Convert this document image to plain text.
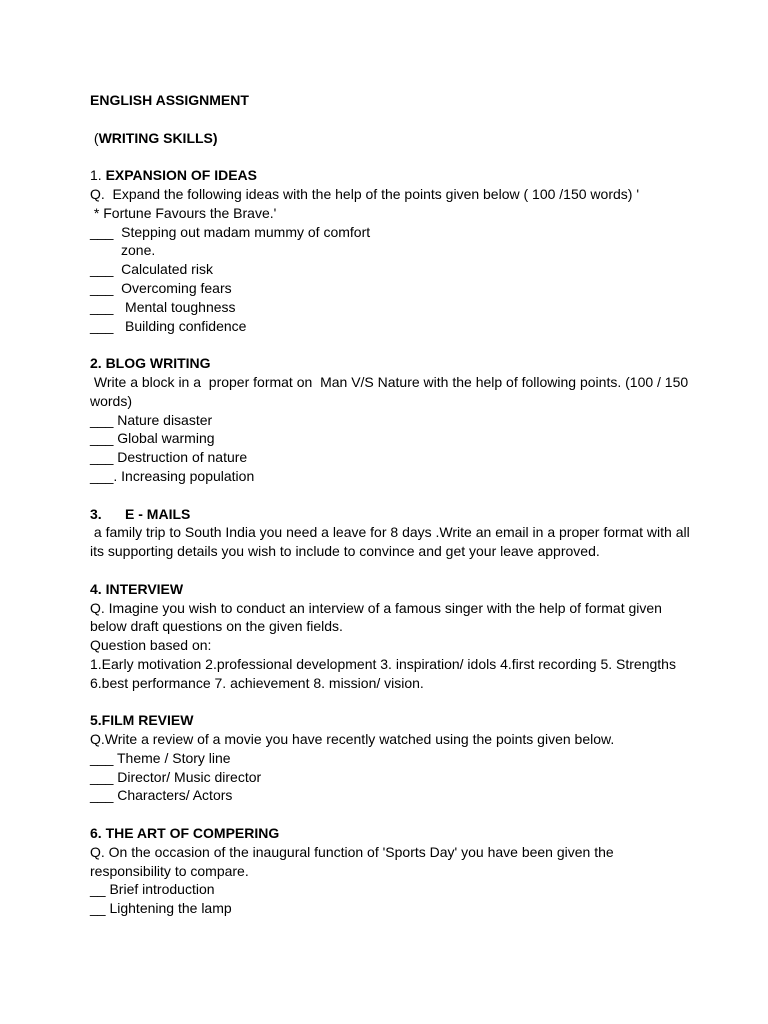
ENGLISH ASSIGNMENT

(WRITING SKILLS)

1. EXPANSION OF IDEAS

Q.  Expand the following ideas with the help of the points given below ( 100 /150 words) '

* Fortune Favours the Brave.'

___  Stepping out madam mummy of comfort

zone.

___  Calculated risk

___  Overcoming fears

___   Mental toughness

___   Building confidence

2. BLOG WRITING

Write a block in a  proper format on  Man V/S Nature with the help of following points. (100 / 150 words)

___ Nature disaster

___ Global warming

___ Destruction of nature

___. Increasing population

3.      E - MAILS

a family trip to South India you need a leave for 8 days .Write an email in a proper format with all its supporting details you wish to include to convince and get your leave approved.

4. INTERVIEW

Q. Imagine you wish to conduct an interview of a famous singer with the help of format given below draft questions on the given fields.

Question based on:

1.Early motivation 2.professional development 3. inspiration/ idols 4.first recording 5. Strengths 6.best performance 7. achievement 8. mission/ vision.

5.FILM REVIEW

Q.Write a review of a movie you have recently watched using the points given below.

___ Theme / Story line

___ Director/ Music director

___ Characters/ Actors

6. THE ART OF COMPERING

Q. On the occasion of the inaugural function of 'Sports Day' you have been given the responsibility to compare.

__ Brief introduction

__ Lightening the lamp
